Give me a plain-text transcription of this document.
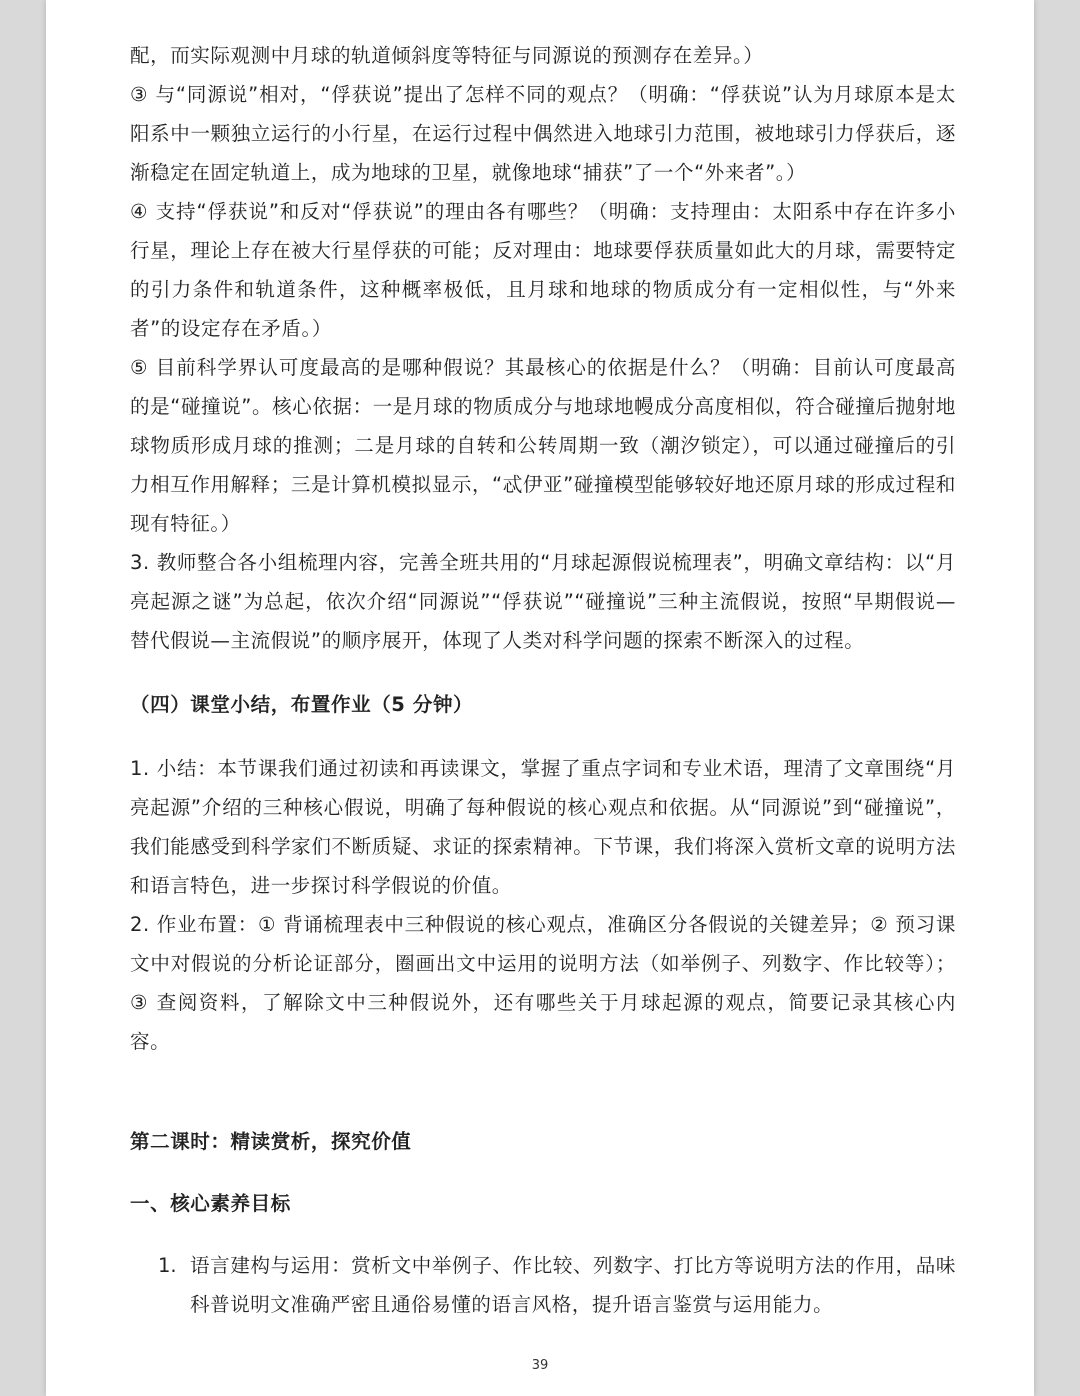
配，而实际观测中月球的轨道倾斜度等特征与同源说的预测存在差异。）

③ 与“同源说”相对，“俘获说”提出了怎样不同的观点？（明确：“俘获说”认为月球原本是太阳系中一颗独立运行的小行星，在运行过程中偶然进入地球引力范围，被地球引力俘获后，逐渐稳定在固定轨道上，成为地球的卫星，就像地球“捕获”了一个“外来者”。）

④ 支持“俘获说”和反对“俘获说”的理由各有哪些？（明确：支持理由：太阳系中存在许多小行星，理论上存在被大行星俘获的可能；反对理由：地球要俘获质量如此大的月球，需要特定的引力条件和轨道条件，这种概率极低，且月球和地球的物质成分有一定相似性，与“外来者”的设定存在矛盾。）

⑤ 目前科学界认可度最高的是哪种假说？其最核心的依据是什么？（明确：目前认可度最高的是“碰撞说”。核心依据：一是月球的物质成分与地球地幔成分高度相似，符合碰撞后抛射地球物质形成月球的推测；二是月球的自转和公转周期一致（潮汐锁定），可以通过碰撞后的引力相互作用解释；三是计算机模拟显示，“忒伊亚”碰撞模型能够较好地还原月球的形成过程和现有特征。）

3. 教师整合各小组梳理内容，完善全班共用的“月球起源假说梳理表”，明确文章结构：以“月亮起源之谜”为总起，依次介绍“同源说”“俘获说”“碰撞说”三种主流假说，按照“早期假说—替代假说—主流假说”的顺序展开，体现了人类对科学问题的探索不断深入的过程。

（四）课堂小结，布置作业（5 分钟）

1. 小结：本节课我们通过初读和再读课文，掌握了重点字词和专业术语，理清了文章围绕“月亮起源”介绍的三种核心假说，明确了每种假说的核心观点和依据。从“同源说”到“碰撞说”，我们能感受到科学家们不断质疑、求证的探索精神。下节课，我们将深入赏析文章的说明方法和语言特色，进一步探讨科学假说的价值。

2. 作业布置：① 背诵梳理表中三种假说的核心观点，准确区分各假说的关键差异；② 预习课文中对假说的分析论证部分，圈画出文中运用的说明方法（如举例子、列数字、作比较等）；③ 查阅资料，了解除文中三种假说外，还有哪些关于月球起源的观点，简要记录其核心内容。

第二课时：精读赏析，探究价值

一、核心素养目标

1. 语言建构与运用：赏析文中举例子、作比较、列数字、打比方等说明方法的作用，品味科普说明文准确严密且通俗易懂的语言风格，提升语言鉴赏与运用能力。

39
